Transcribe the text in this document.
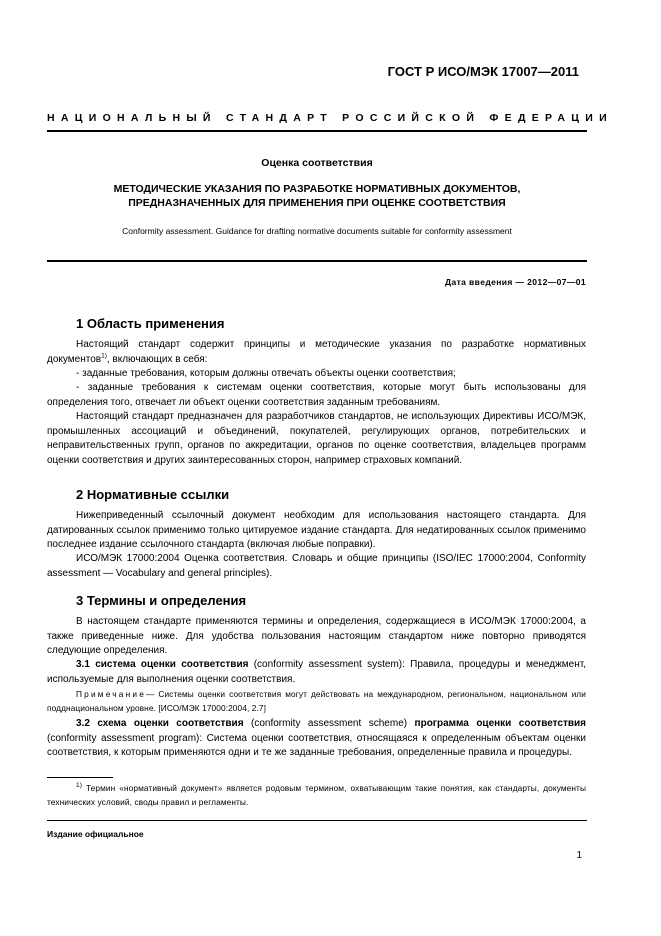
ГОСТ Р ИСО/МЭК 17007—2011
НАЦИОНАЛЬНЫЙ СТАНДАРТ РОССИЙСКОЙ ФЕДЕРАЦИИ
Оценка соответствия
МЕТОДИЧЕСКИЕ УКАЗАНИЯ ПО РАЗРАБОТКЕ НОРМАТИВНЫХ ДОКУМЕНТОВ,
ПРЕДНАЗНАЧЕННЫХ ДЛЯ ПРИМЕНЕНИЯ ПРИ ОЦЕНКЕ СООТВЕТСТВИЯ
Conformity assessment. Guidance for drafting normative documents suitable for conformity assessment
Дата введения — 2012—07—01
1 Область применения

Настоящий стандарт содержит принципы и методические указания по разработке нормативных документов$^{1)}$, включающих в себя:

- заданные требования, которым должны отвечать объекты оценки соответствия;

- заданные требования к системам оценки соответствия, которые могут быть использованы для определения того, отвечает ли объект оценки соответствия заданным требованиям.

Настоящий стандарт предназначен для разработчиков стандартов, не использующих Директивы ИСО/МЭК, промышленных ассоциаций и объединений, покупателей, регулирующих органов, потребительских и неправительственных групп, органов по аккредитации, органов по оценке соответствия, владельцев программ оценки соответствия и других заинтересованных сторон, например страховых компаний.

2 Нормативные ссылки

Нижеприведенный ссылочный документ необходим для использования настоящего стандарта. Для датированных ссылок применимо только цитируемое издание стандарта. Для недатированных ссылок применимо последнее издание ссылочного стандарта (включая любые поправки).

ИСО/МЭК 17000:2004 Оценка соответствия. Словарь и общие принципы (ISO/IEC 17000:2004, Conformity assessment — Vocabulary and general principles).

3 Термины и определения

В настоящем стандарте применяются термины и определения, содержащиеся в ИСО/МЭК 17000:2004, а также приведенные ниже. Для удобства пользования настоящим стандартом ниже повторно приводятся следующие определения.

3.1 система оценки соответствия (conformity assessment system): Правила, процедуры и менеджмент, используемые для выполнения оценки соответствия.

Примечание— Системы оценки соответствия могут действовать на международном, региональном, национальном или подднациональном уровне. [ИСО/МЭК 17000:2004, 2.7]

3.2 схема оценки соответствия (conformity assessment scheme) программа оценки соответствия (conformity assessment program): Система оценки соответствия, относящаяся к определенным объектам оценки соответствия, к которым применяются одни и те же заданные требования, определенные правила и процедуры.

$^{1)}$ Термин «нормативный документ» является родовым термином, охватывающим такие понятия, как стандарты, документы технических условий, своды правил и регламенты.

Издание официальное
1
